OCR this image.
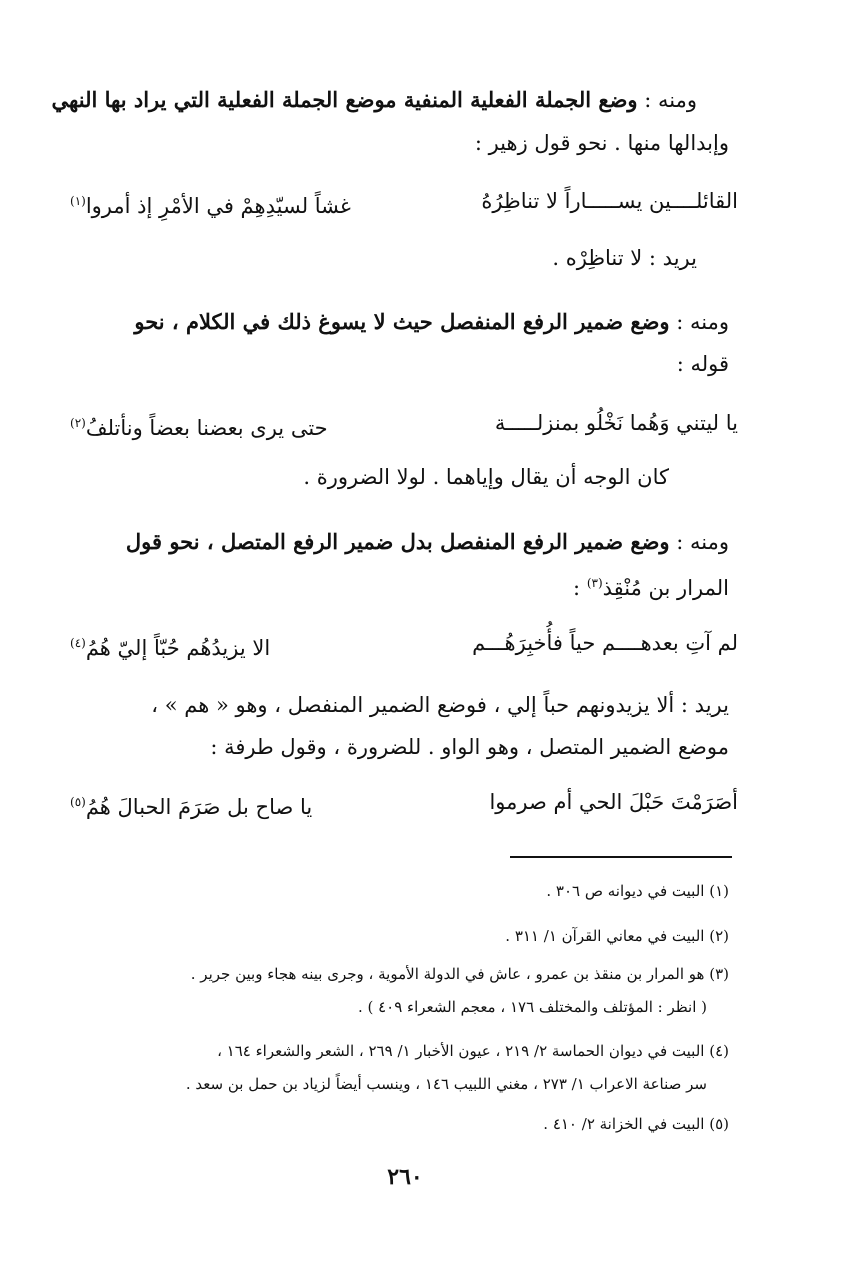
ومنه : وضع الجملة الفعلية المنفية موضع الجملة الفعلية التي يراد بها النهي
وإبدالها منها . نحو قول زهير :
القائلــــين يســـــاراً لا تناظِرُهُ
غشاً لسيّدِهِمْ في الأمْرِ إذ أمروا$^{(١)}$
يريد : لا تناظِرْه .
ومنه : وضع ضمير الرفع المنفصل حيث لا يسوغ ذلك في الكلام ، نحو
قوله :
يا ليتني وَهُما نَخْلُو بمنزلـــــة
حتى يرى بعضنا بعضاً ونأتلفُ$^{(٢)}$
كان الوجه أن يقال وإياهما . لولا الضرورة .
ومنه : وضع ضمير الرفع المنفصل بدل ضمير الرفع المتصل ، نحو قول
المرار بن مُنْقِذ$^{(٣)}$ :
لم آتِ بعدهــــم حياً فأُخبِرَهُـــم
الا يزيدُهُم حُبّاً إليّ هُمُ$^{(٤)}$
يريد : ألا يزيدونهم حباً إلي ، فوضع الضمير المنفصل ، وهو « هم » ،
موضع الضمير المتصل ، وهو الواو . للضرورة ، وقول طرفة :
أصَرَمْتَ حَبْلَ الحي أم صرموا
يا صاح بل صَرَمَ الحبالَ هُمُ$^{(٥)}$
(١) البيت في ديوانه ص ٣٠٦ .
(٢) البيت في معاني القرآن ١/ ٣١١ .
(٣) هو المرار بن منقذ بن عمرو ، عاش في الدولة الأموية ، وجرى بينه هجاء وبين جرير .
( انظر : المؤتلف والمختلف ١٧٦ ، معجم الشعراء ٤٠٩ ) .
(٤) البيت في ديوان الحماسة ٢/ ٢١٩ ، عيون الأخبار ١/ ٢٦٩ ، الشعر والشعراء ١٦٤ ،
سر صناعة الاعراب ١/ ٢٧٣ ، مغني اللبيب ١٤٦ ، وينسب أيضاً لزياد بن حمل بن سعد .
(٥) البيت في الخزانة ٢/ ٤١٠ .
٢٦٠
